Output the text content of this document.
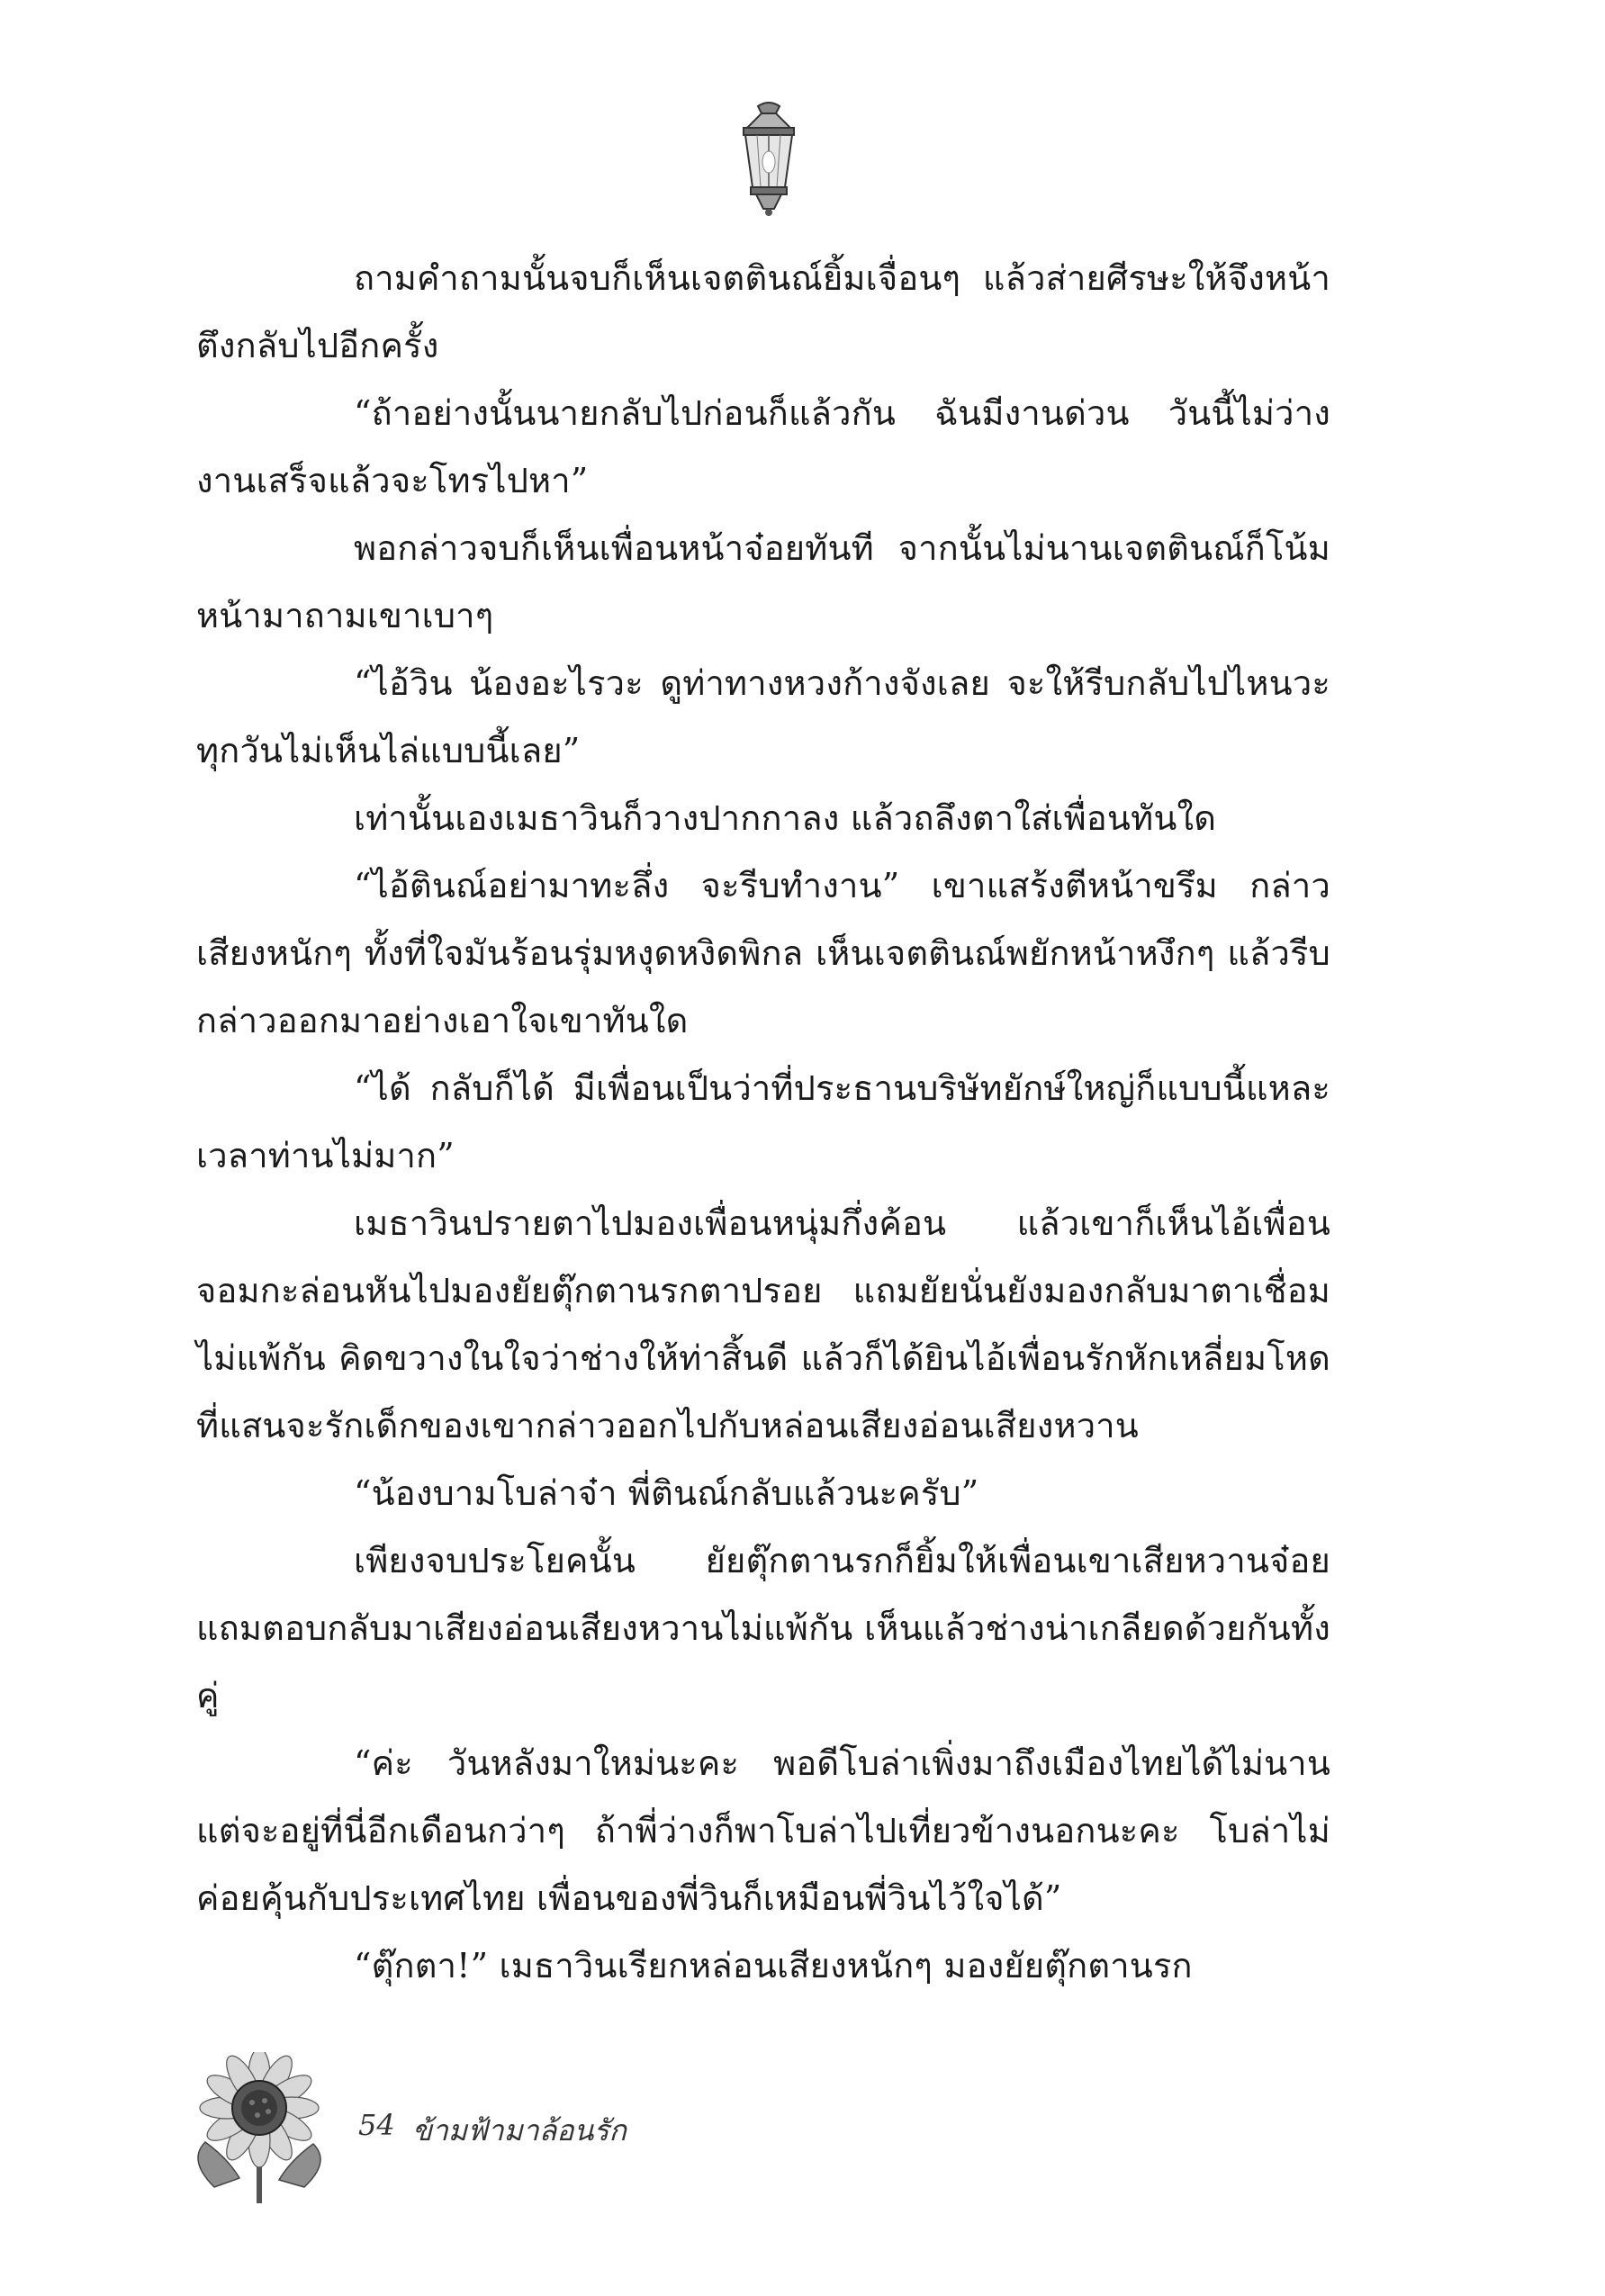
ถามคำถามนั้นจบก็เห็นเจตตินณ์ยิ้มเจื่อนๆ แล้วส่ายศีรษะให้จึงหน้าตึงกลับไปอีกครั้ง

“ถ้าอย่างนั้นนายกลับไปก่อนก็แล้วกัน ฉันมีงานด่วน วันนี้ไม่ว่าง งานเสร็จแล้วจะโทรไปหา”

พอกล่าวจบก็เห็นเพื่อนหน้าจ๋อยทันที จากนั้นไม่นานเจตตินณ์ก็โน้มหน้ามาถามเขาเบาๆ

“ไอ้วิน น้องอะไรวะ ดูท่าทางหวงก้างจังเลย จะให้รีบกลับไปไหนวะ ทุกวันไม่เห็นไล่แบบนี้เลย”

เท่านั้นเองเมธาวินก็วางปากกาลง แล้วถลึงตาใส่เพื่อนทันใด

“ไอ้ตินณ์อย่ามาทะลึ่ง จะรีบทำงาน” เขาแสร้งตีหน้าขรึม กล่าวเสียงหนักๆ ทั้งที่ใจมันร้อนรุ่มหงุดหงิดพิกล เห็นเจตตินณ์พยักหน้าหงึกๆ แล้วรีบกล่าวออกมาอย่างเอาใจเขาทันใด

“ได้ กลับก็ได้ มีเพื่อนเป็นว่าที่ประธานบริษัทยักษ์ใหญ่ก็แบบนี้แหละ เวลาท่านไม่มาก”

เมธาวินปรายตาไปมองเพื่อนหนุ่มกึ่งค้อน แล้วเขาก็เห็นไอ้เพื่อนจอมกะล่อนหันไปมองยัยตุ๊กตานรกตาปรอย แถมยัยนั่นยังมองกลับมาตาเชื่อมไม่แพ้กัน คิดขวางในใจว่าช่างให้ท่าสิ้นดี แล้วก็ได้ยินไอ้เพื่อนรักหักเหลี่ยมโหดที่แสนจะรักเด็กของเขากล่าวออกไปกับหล่อนเสียงอ่อนเสียงหวาน

“น้องบามโบล่าจ๋า พี่ตินณ์กลับแล้วนะครับ”

เพียงจบประโยคนั้น ยัยตุ๊กตานรกก็ยิ้มให้เพื่อนเขาเสียหวานจ๋อยแถมตอบกลับมาเสียงอ่อนเสียงหวานไม่แพ้กัน เห็นแล้วช่างน่าเกลียดด้วยกันทั้งคู่

“ค่ะ วันหลังมาใหม่นะคะ พอดีโบล่าเพิ่งมาถึงเมืองไทยได้ไม่นาน แต่จะอยู่ที่นี่อีกเดือนกว่าๆ ถ้าพี่ว่างก็พาโบล่าไปเที่ยวข้างนอกนะคะ โบล่าไม่ค่อยคุ้นกับประเทศไทย เพื่อนของพี่วินก็เหมือนพี่วินไว้ใจได้”

“ตุ๊กตา!” เมธาวินเรียกหล่อนเสียงหนักๆ มองยัยตุ๊กตานรก

54 ข้ามฟ้ามาล้อนรัก
